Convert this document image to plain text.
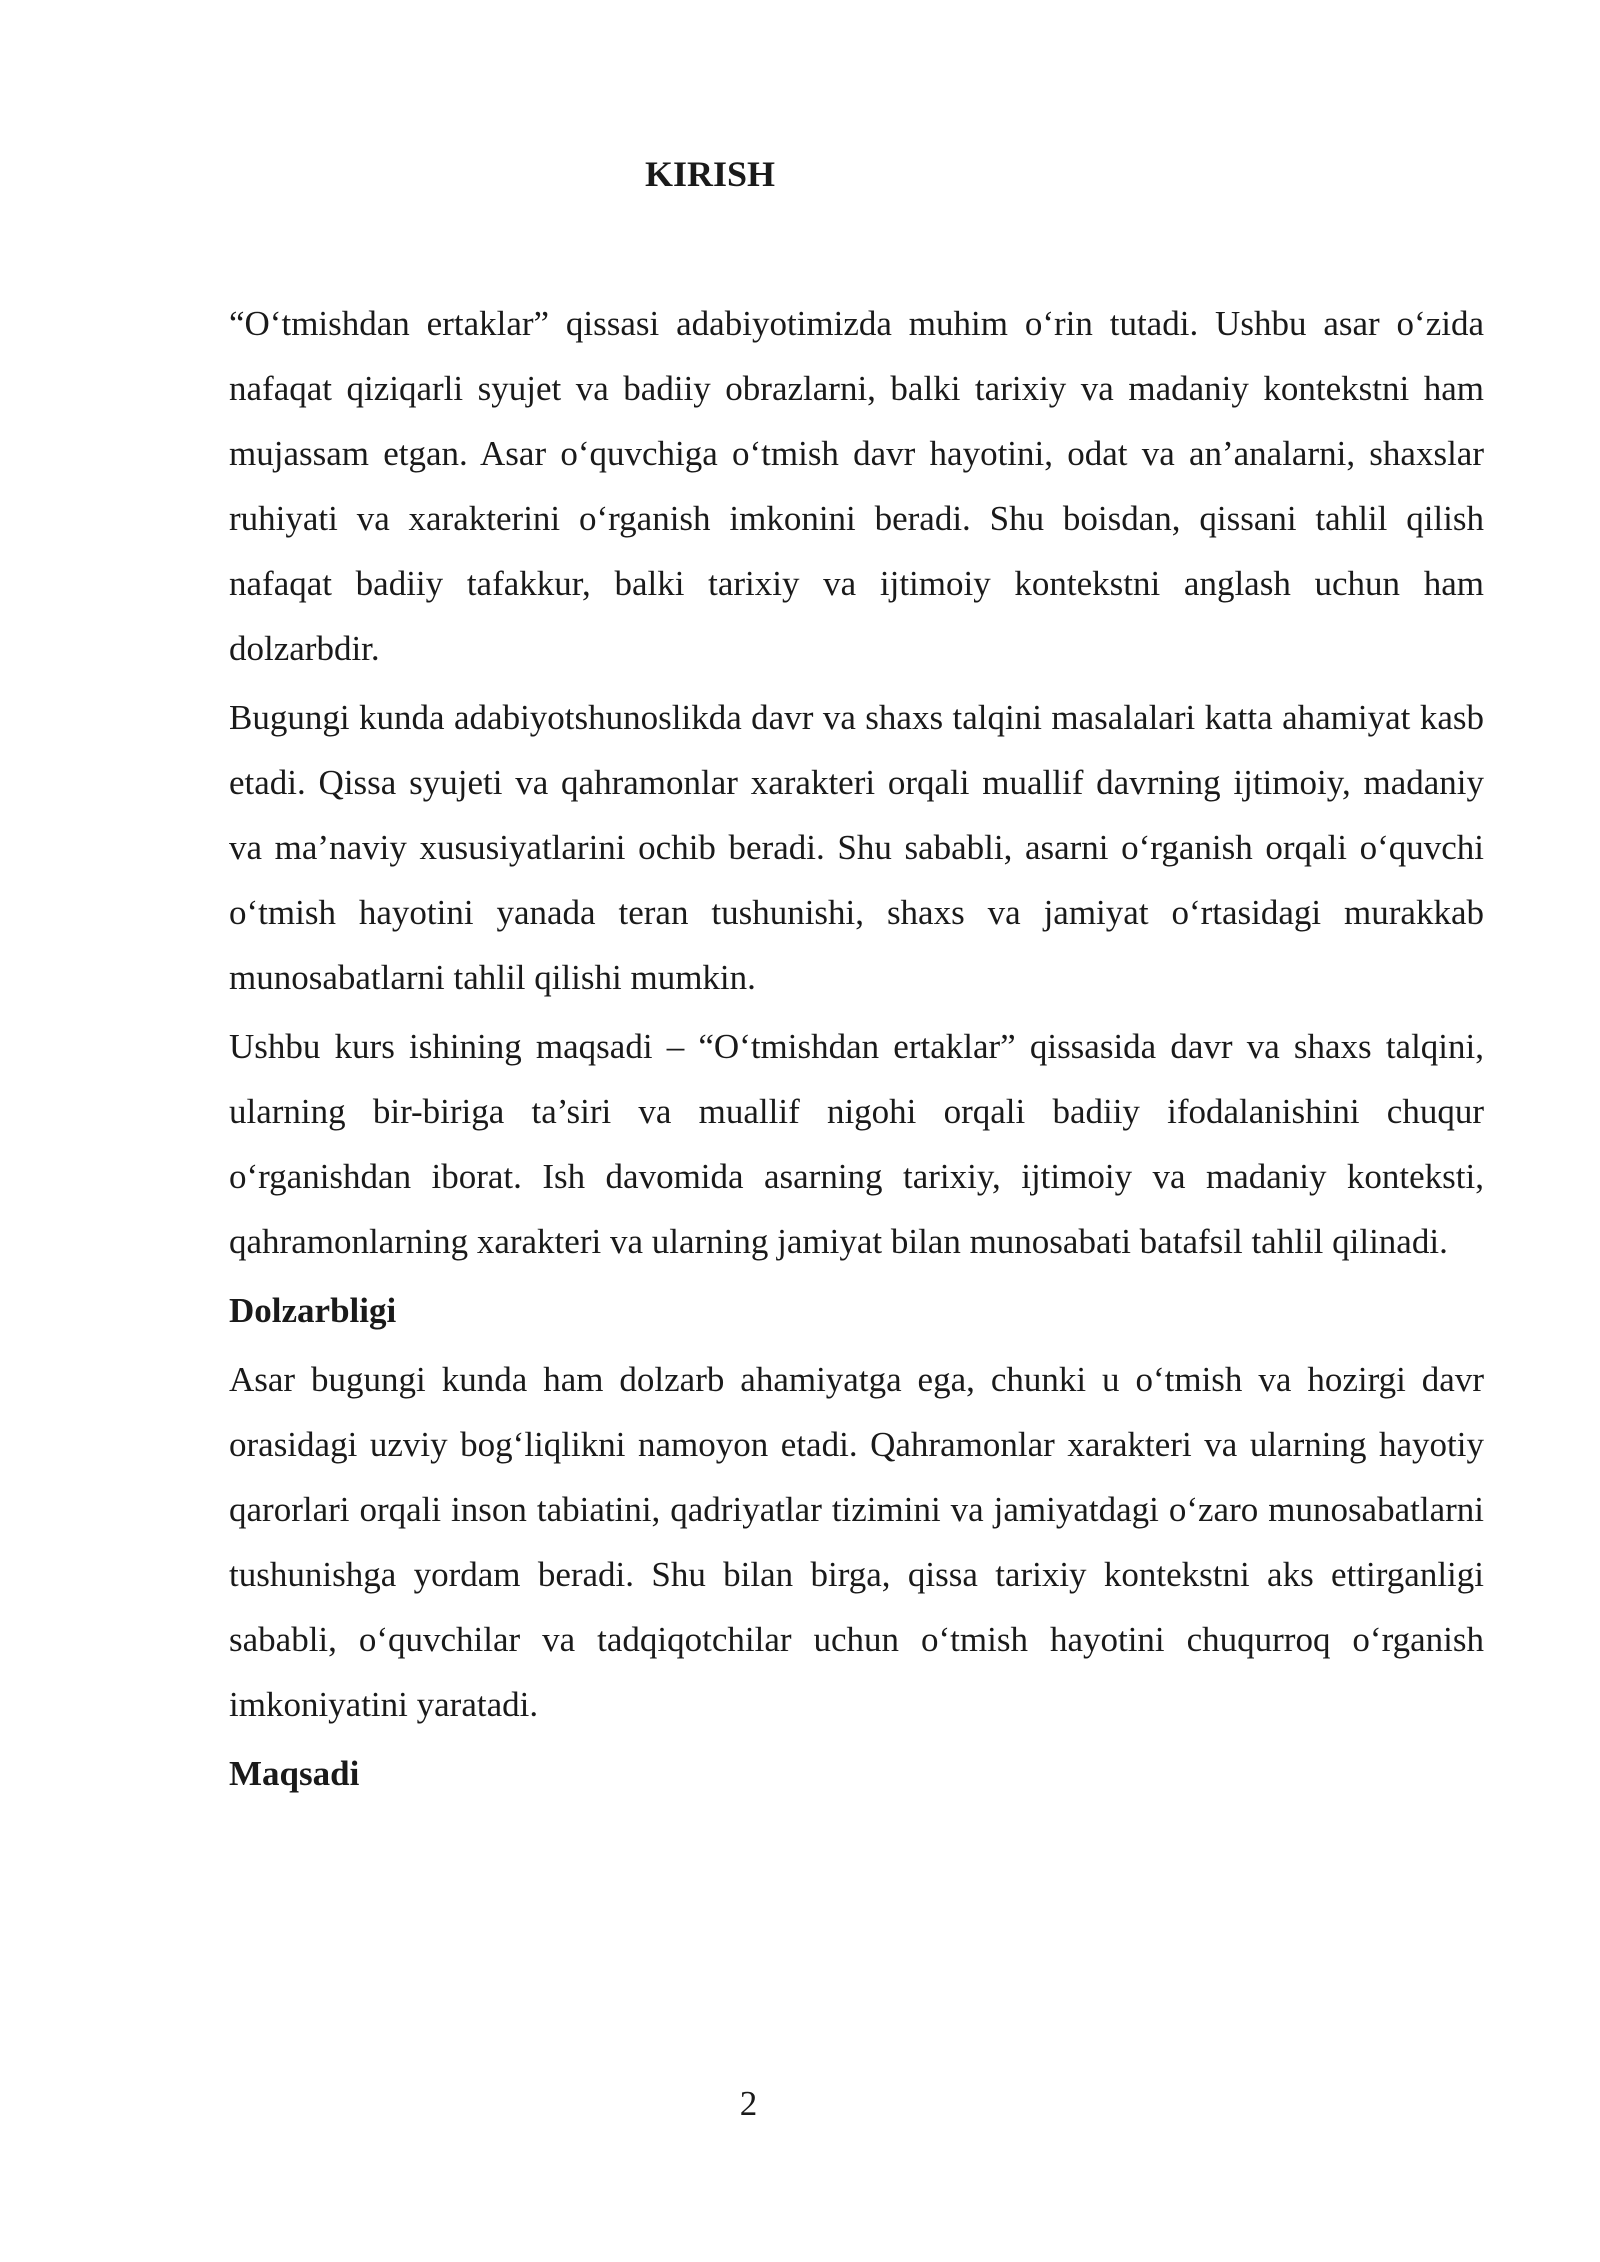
KIRISH

“O‘tmishdan ertaklar” qissasi adabiyotimizda muhim o‘rin tutadi. Ushbu asar o‘zida nafaqat qiziqarli syujet va badiiy obrazlarni, balki tarixiy va madaniy kontekstni ham mujassam etgan. Asar o‘quvchiga o‘tmish davr hayotini, odat va an’analarni, shaxslar ruhiyati va xarakterini o‘rganish imkonini beradi. Shu boisdan, qissani tahlil qilish nafaqat badiiy tafakkur, balki tarixiy va ijtimoiy kontekstni anglash uchun ham dolzarbdir.

Bugungi kunda adabiyotshunoslikda davr va shaxs talqini masalalari katta ahamiyat kasb etadi. Qissa syujeti va qahramonlar xarakteri orqali muallif davrning ijtimoiy, madaniy va ma’naviy xususiyatlarini ochib beradi. Shu sababli, asarni o‘rganish orqali o‘quvchi o‘tmish hayotini yanada teran tushunishi, shaxs va jamiyat o‘rtasidagi murakkab munosabatlarni tahlil qilishi mumkin.

Ushbu kurs ishining maqsadi – “O‘tmishdan ertaklar” qissasida davr va shaxs talqini, ularning bir-biriga ta’siri va muallif nigohi orqali badiiy ifodalanishini chuqur o‘rganishdan iborat. Ish davomida asarning tarixiy, ijtimoiy va madaniy konteksti, qahramonlarning xarakteri va ularning jamiyat bilan munosabati batafsil tahlil qilinadi.

Dolzarbligi

Asar bugungi kunda ham dolzarb ahamiyatga ega, chunki u o‘tmish va hozirgi davr orasidagi uzviy bog‘liqlikni namoyon etadi. Qahramonlar xarakteri va ularning hayotiy qarorlari orqali inson tabiatini, qadriyatlar tizimini va jamiyatdagi o‘zaro munosabatlarni tushunishga yordam beradi. Shu bilan birga, qissa tarixiy kontekstni aks ettirganligi sababli, o‘quvchilar va tadqiqotchilar uchun o‘tmish hayotini chuqurroq o‘rganish imkoniyatini yaratadi.

Maqsadi

2
